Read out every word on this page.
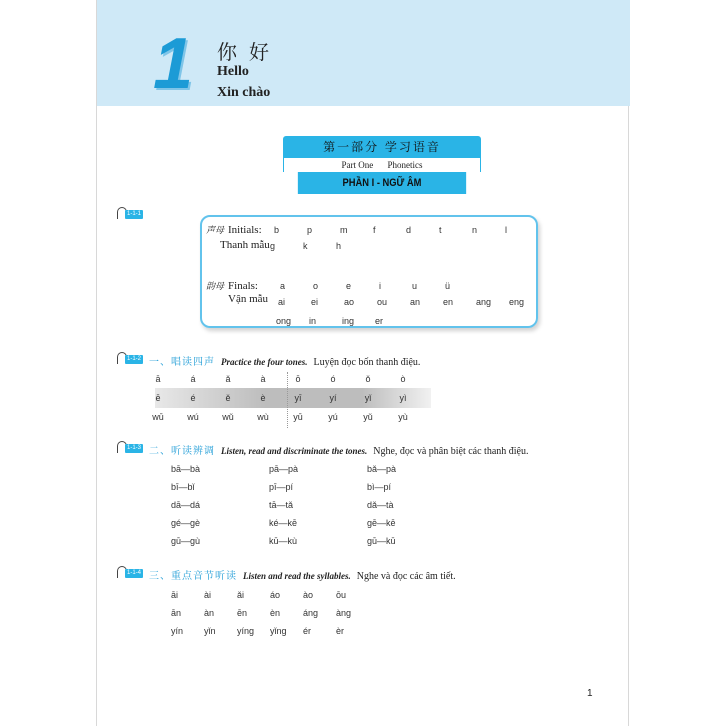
1 你好
Hello
Xin chào
第一部分 学习语音
Part One Phonetics
PHẦN I - NGỮ ÂM
1-1-1
声母 Initials:
Thanh mẫu
b	p	m	f	d	t	n	l
g	k	h
韵母 Finals:
Vận mẫu
a	o	e	i	u	ü
ai	ei	ao	ou	an	en	ang eng
ong in	ing er
1-1-2 一、唱读四声 Practice the four tones. Luyện đọc bốn thanh điệu.
ā	á	ǎ	à	ō	ó	ǒ	ò
ē	é	ě	è	yī	yí	yǐ	yì
wū	wú	wǔ	wù	yū	yú	yǔ	yù
1-1-3 二、听读辨调 Listen, read and discriminate the tones. Nghe, đọc và phân biệt các thanh điệu.
bā—bà	pā—pà	bǎ—pà
bī—bǐ	pī—pí	bì—pí
dā—dá	tā—tǎ	dǎ—tà
gé—gè	ké—kē	gē—kē
gū—gù	kū—kù	gū—kū
1-1-4 三、重点音节听读 Listen and read the syllables. Nghe và đọc các âm tiết.
āi	ài	ǎi	áo	ào	ōu
ān	àn	ēn	èn	áng àng
yín yǐn yíng yǐng ér	èr
1
